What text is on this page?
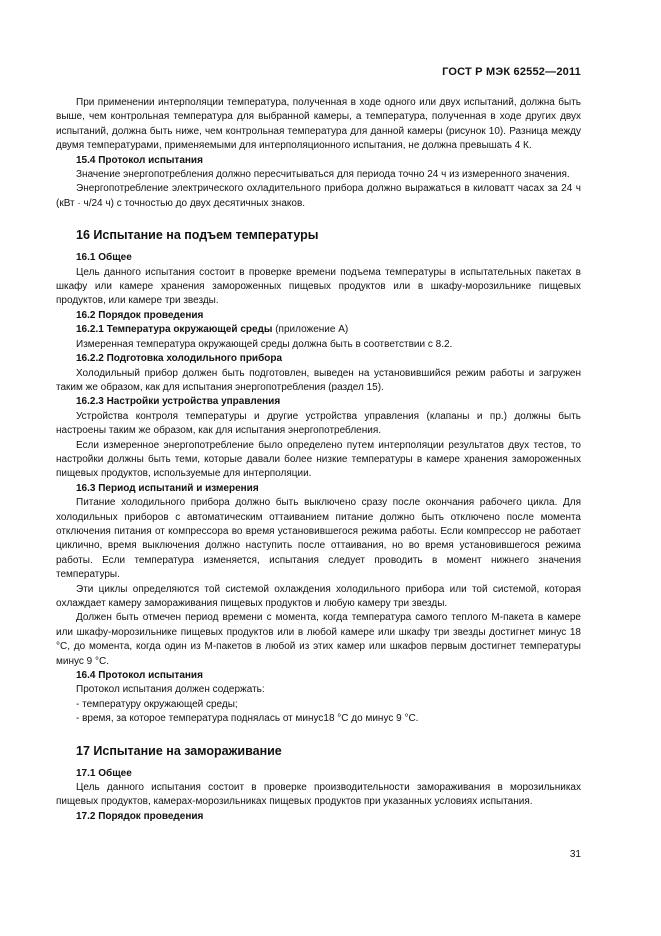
ГОСТ Р МЭК 62552—2011

При применении интерполяции температура, полученная в ходе одного или двух испытаний, должна быть выше, чем контрольная температура для выбранной камеры, а температура, полученная в ходе других двух испытаний, должна быть ниже, чем контрольная температура для данной камеры (рисунок 10). Разница между двумя температурами, применяемыми для интерполяционного испытания, не должна превышать 4 К.

15.4 Протокол испытания

Значение энергопотребления должно пересчитываться для периода точно 24 ч из измеренного значения.

Энергопотребление электрического охладительного прибора должно выражаться в киловатт часах за 24 ч (кВт · ч/24 ч) с точностью до двух десятичных знаков.

16 Испытание на подъем температуры

16.1 Общее

Цель данного испытания состоит в проверке времени подъема температуры в испытательных пакетах в шкафу или камере хранения замороженных пищевых продуктов или в шкафу-морозильнике пищевых продуктов, или камере три звезды.

16.2 Порядок проведения

16.2.1 Температура окружающей среды (приложение А)

Измеренная температура окружающей среды должна быть в соответствии с 8.2.

16.2.2 Подготовка холодильного прибора

Холодильный прибор должен быть подготовлен, выведен на установившийся режим работы и загружен таким же образом, как для испытания энергопотребления (раздел 15).

16.2.3 Настройки устройства управления

Устройства контроля температуры и другие устройства управления (клапаны и пр.) должны быть настроены таким же образом, как для испытания энергопотребления.

Если измеренное энергопотребление было определено путем интерполяции результатов двух тестов, то настройки должны быть теми, которые давали более низкие температуры в камере хранения замороженных пищевых продуктов, используемые для интерполяции.

16.3 Период испытаний и измерения

Питание холодильного прибора должно быть выключено сразу после окончания рабочего цикла. Для холодильных приборов с автоматическим оттаиванием питание должно быть отключено после момента отключения питания от компрессора во время установившегося режима работы. Если компрессор не работает циклично, время выключения должно наступить после оттаивания, но во время установившегося режима работы. Если температура изменяется, испытания следует проводить в момент нижнего значения температуры.

Эти циклы определяются той системой охлаждения холодильного прибора или той системой, которая охлаждает камеру замораживания пищевых продуктов и любую камеру три звезды.

Должен быть отмечен период времени с момента, когда температура самого теплого М-пакета в камере или шкафу-морозильнике пищевых продуктов или в любой камере или шкафу три звезды достигнет минус 18 °С, до момента, когда один из М-пакетов в любой из этих камер или шкафов первым достигнет температуры минус 9 °С.

16.4 Протокол испытания

Протокол испытания должен содержать:

- температуру окружающей среды;

- время, за которое температура поднялась от минус18 °С до минус 9 °С.

17 Испытание на замораживание

17.1 Общее

Цель данного испытания состоит в проверке производительности замораживания в морозильниках пищевых продуктов, камерах-морозильниках пищевых продуктов при указанных условиях испытания.

17.2 Порядок проведения

31
